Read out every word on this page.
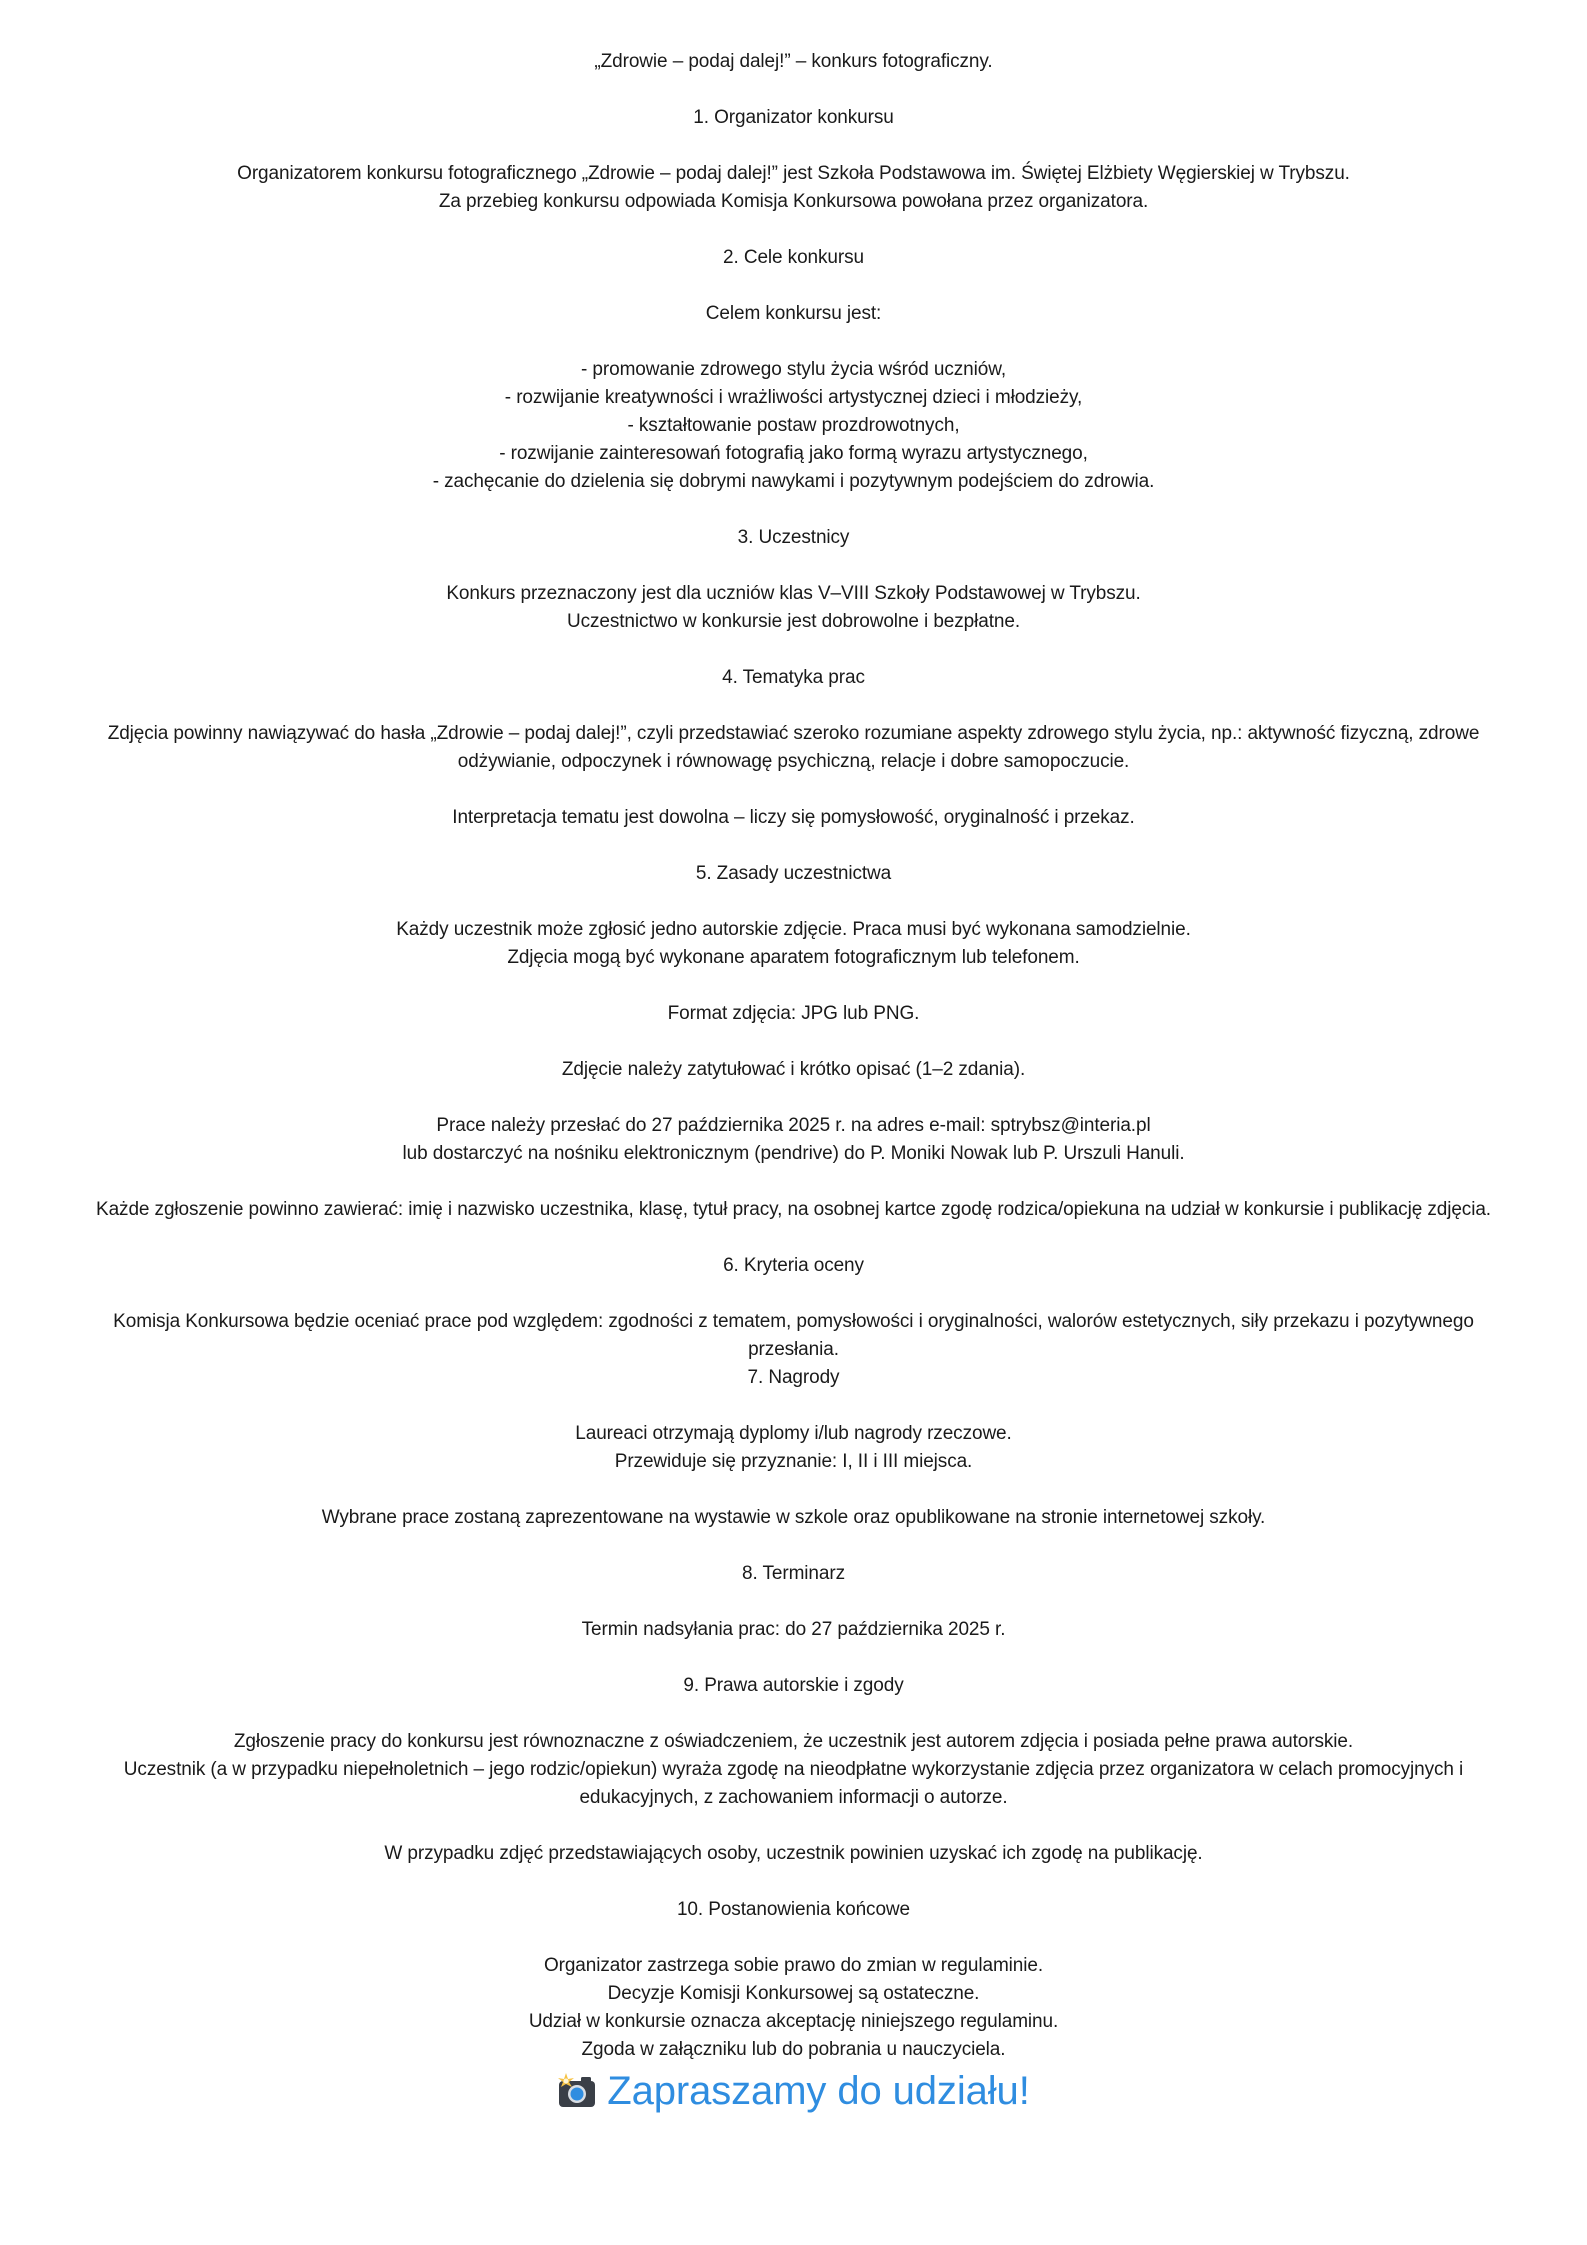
„Zdrowie – podaj dalej!” – konkurs fotograficzny.

1. Organizator konkursu

Organizatorem konkursu fotograficznego „Zdrowie – podaj dalej!” jest Szkoła Podstawowa im. Świętej Elżbiety Węgierskiej w Trybszu.

Za przebieg konkursu odpowiada Komisja Konkursowa powołana przez organizatora.

2. Cele konkursu

Celem konkursu jest:

- promowanie zdrowego stylu życia wśród uczniów,

- rozwijanie kreatywności i wrażliwości artystycznej dzieci i młodzieży,

- kształtowanie postaw prozdrowotnych,

- rozwijanie zainteresowań fotografią jako formą wyrazu artystycznego,

- zachęcanie do dzielenia się dobrymi nawykami i pozytywnym podejściem do zdrowia.

3. Uczestnicy

Konkurs przeznaczony jest dla uczniów klas V–VIII Szkoły Podstawowej w Trybszu.

Uczestnictwo w konkursie jest dobrowolne i bezpłatne.

4. Tematyka prac

Zdjęcia powinny nawiązywać do hasła „Zdrowie – podaj dalej!”, czyli przedstawiać szeroko rozumiane aspekty zdrowego stylu życia, np.: aktywność fizyczną, zdrowe odżywianie, odpoczynek i równowagę psychiczną, relacje i dobre samopoczucie.

Interpretacja tematu jest dowolna – liczy się pomysłowość, oryginalność i przekaz.

5. Zasady uczestnictwa

Każdy uczestnik może zgłosić jedno autorskie zdjęcie. Praca musi być wykonana samodzielnie.

Zdjęcia mogą być wykonane aparatem fotograficznym lub telefonem.

Format zdjęcia: JPG lub PNG.

Zdjęcie należy zatytułować i krótko opisać (1–2 zdania).

Prace należy przesłać do 27 października 2025 r. na adres e-mail: sptrybsz@interia.pl

lub dostarczyć na nośniku elektronicznym (pendrive) do P. Moniki Nowak lub P. Urszuli Hanuli.

Każde zgłoszenie powinno zawierać: imię i nazwisko uczestnika, klasę, tytuł pracy, na osobnej kartce zgodę rodzica/opiekuna na udział w konkursie i publikację zdjęcia.

6. Kryteria oceny

Komisja Konkursowa będzie oceniać prace pod względem: zgodności z tematem, pomysłowości i oryginalności, walorów estetycznych, siły przekazu i pozytywnego przesłania.

7. Nagrody

Laureaci otrzymają dyplomy i/lub nagrody rzeczowe.

Przewiduje się przyznanie: I, II i III miejsca.

Wybrane prace zostaną zaprezentowane na wystawie w szkole oraz opublikowane na stronie internetowej szkoły.

8. Terminarz

Termin nadsyłania prac: do 27 października 2025 r.

9. Prawa autorskie i zgody

Zgłoszenie pracy do konkursu jest równoznaczne z oświadczeniem, że uczestnik jest autorem zdjęcia i posiada pełne prawa autorskie.

Uczestnik (a w przypadku niepełnoletnich – jego rodzic/opiekun) wyraża zgodę na nieodpłatne wykorzystanie zdjęcia przez organizatora w celach promocyjnych i edukacyjnych, z zachowaniem informacji o autorze.

W przypadku zdjęć przedstawiających osoby, uczestnik powinien uzyskać ich zgodę na publikację.

10. Postanowienia końcowe

Organizator zastrzega sobie prawo do zmian w regulaminie.

Decyzje Komisji Konkursowej są ostateczne.

Udział w konkursie oznacza akceptację niniejszego regulaminu.

Zgoda w załączniku lub do pobrania u nauczyciela.

Zapraszamy do udziału!
